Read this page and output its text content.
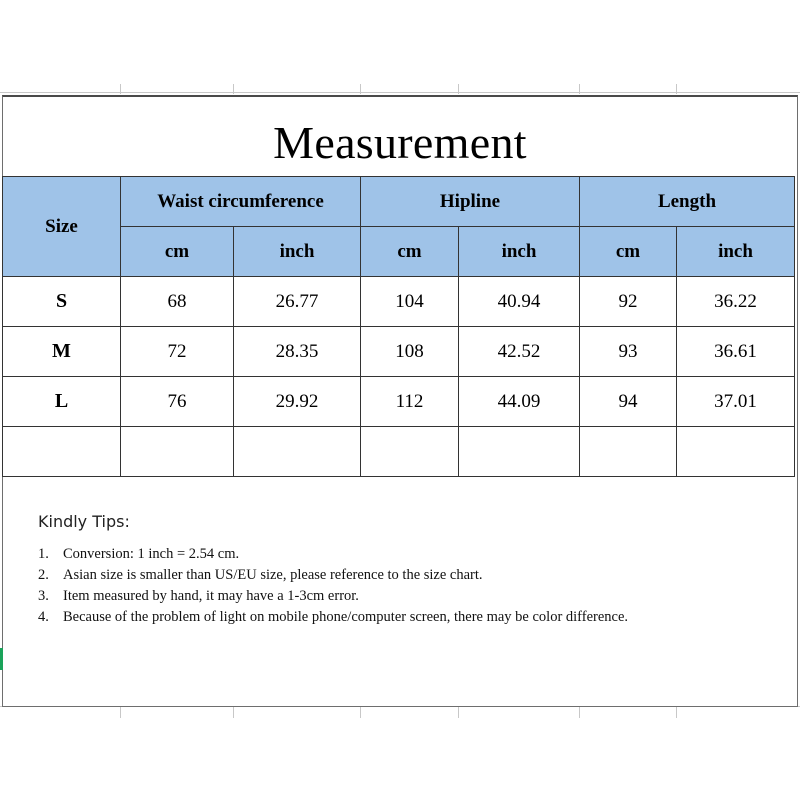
Measurement
Size	Waist circumference		Hipline		Length	
	cm	inch	cm	inch	cm	inch
S	68	26.77	104	40.94	92	36.22
M	72	28.35	108	42.52	93	36.61
L	76	29.92	112	44.09	94	37.01

Kindly Tips:
1. Conversion: 1 inch = 2.54 cm.
2. Asian size is smaller than US/EU size, please reference to the size chart.
3. Item measured by hand, it may have a 1-3cm error.
4. Because of the problem of light on mobile phone/computer screen, there may be color difference.
